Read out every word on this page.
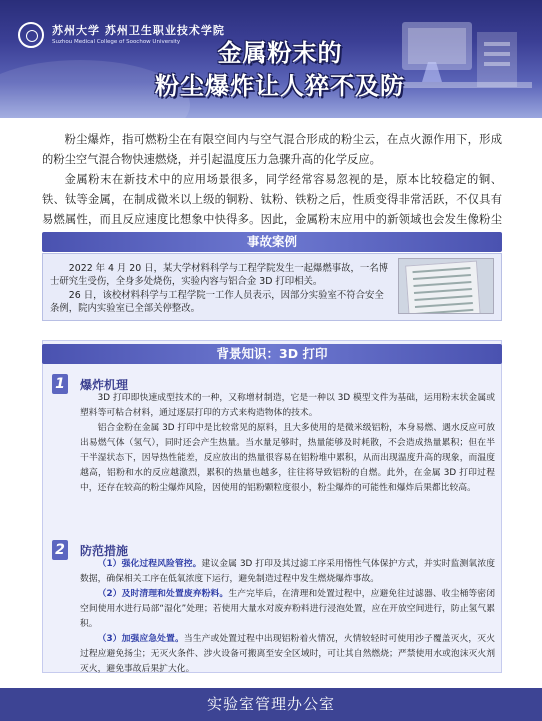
苏州大学 苏州卫生职业技术学院
Suzhou Medical College of Soochow University	金属粉末的
粉尘爆炸让人猝不及防

粉尘爆炸，指可燃粉尘在有限空间内与空气混合形成的粉尘云，在点火源作用下，形成的粉尘空气混合物快速燃烧，并引起温度压力急骤升高的化学反应。

金属粉末在新技术中的应用场景很多，同学经常容易忽视的是，原本比较稳定的铜、铁、钛等金属，在制成微米以上级的铜粉、钛粉、铁粉之后，性质变得非常活跃，不仅具有易燃属性，而且反应速度比想象中快得多。因此，金属粉末应用中的新领域也会发生像粉尘

事故案例

2022 年 4 月 20 日，某大学材料科学与工程学院发生一起爆燃事故，一名博士研究生受伤，全身多处烧伤，实验内容与铝合金 3D 打印相关。

26 日，该校材料科学与工程学院一工作人员表示，因部分实验室不符合安全条例，院内实验室已全部关停整改。

背景知识：3D 打印
1 爆炸机理

3D 打印即快速成型技术的一种，又称增材制造，它是一种以 3D 模型文件为基础，运用粉末状金属或塑料等可粘合材料，通过逐层打印的方式来构造物体的技术。

铝合金粉在金属 3D 打印中是比较常见的原料，且大多使用的是微米级铝粉，本身易燃、遇水反应可放出易燃气体（氢气），同时还会产生热量。当水量足够时，热量能够及时耗散，不会造成热量累积；但在半干半湿状态下，因导热性能差，反应放出的热量很容易在铝粉堆中累积，从而出现温度升高的现象，而温度越高，铝粉和水的反应越激烈，累积的热量也越多，往往将导致铝粉的自燃。此外，在金属 3D 打印过程中，还存在较高的粉尘爆炸风险，因使用的铝粉颗粒度很小，粉尘爆炸的可能性和爆炸后果都比较高。

2 防范措施

（1）强化过程风险管控。建议金属 3D 打印及其过滤工序采用惰性气体保护方式，并实时监测氧浓度数据，确保相关工序在低氧浓度下运行，避免制造过程中发生燃烧爆炸事故。

（2）及时清理和处置废弃粉料。生产完毕后，在清理和处置过程中，应避免往过滤器、收尘桶等密闭空间使用水进行局部“湿化”处理；若使用大量水对废弃粉料进行浸泡处置，应在开放空间进行，防止氢气累积。

（3）加强应急处置。当生产或处置过程中出现铝粉着火情况，火情较轻时可使用沙子覆盖灭火，灭火过程应避免扬尘；无灭火条件、涉火设备可搬离至安全区域时，可让其自然燃烧；严禁使用水或泡沫灭火剂灭火，避免事故后果扩大化。

实验室管理办公室
